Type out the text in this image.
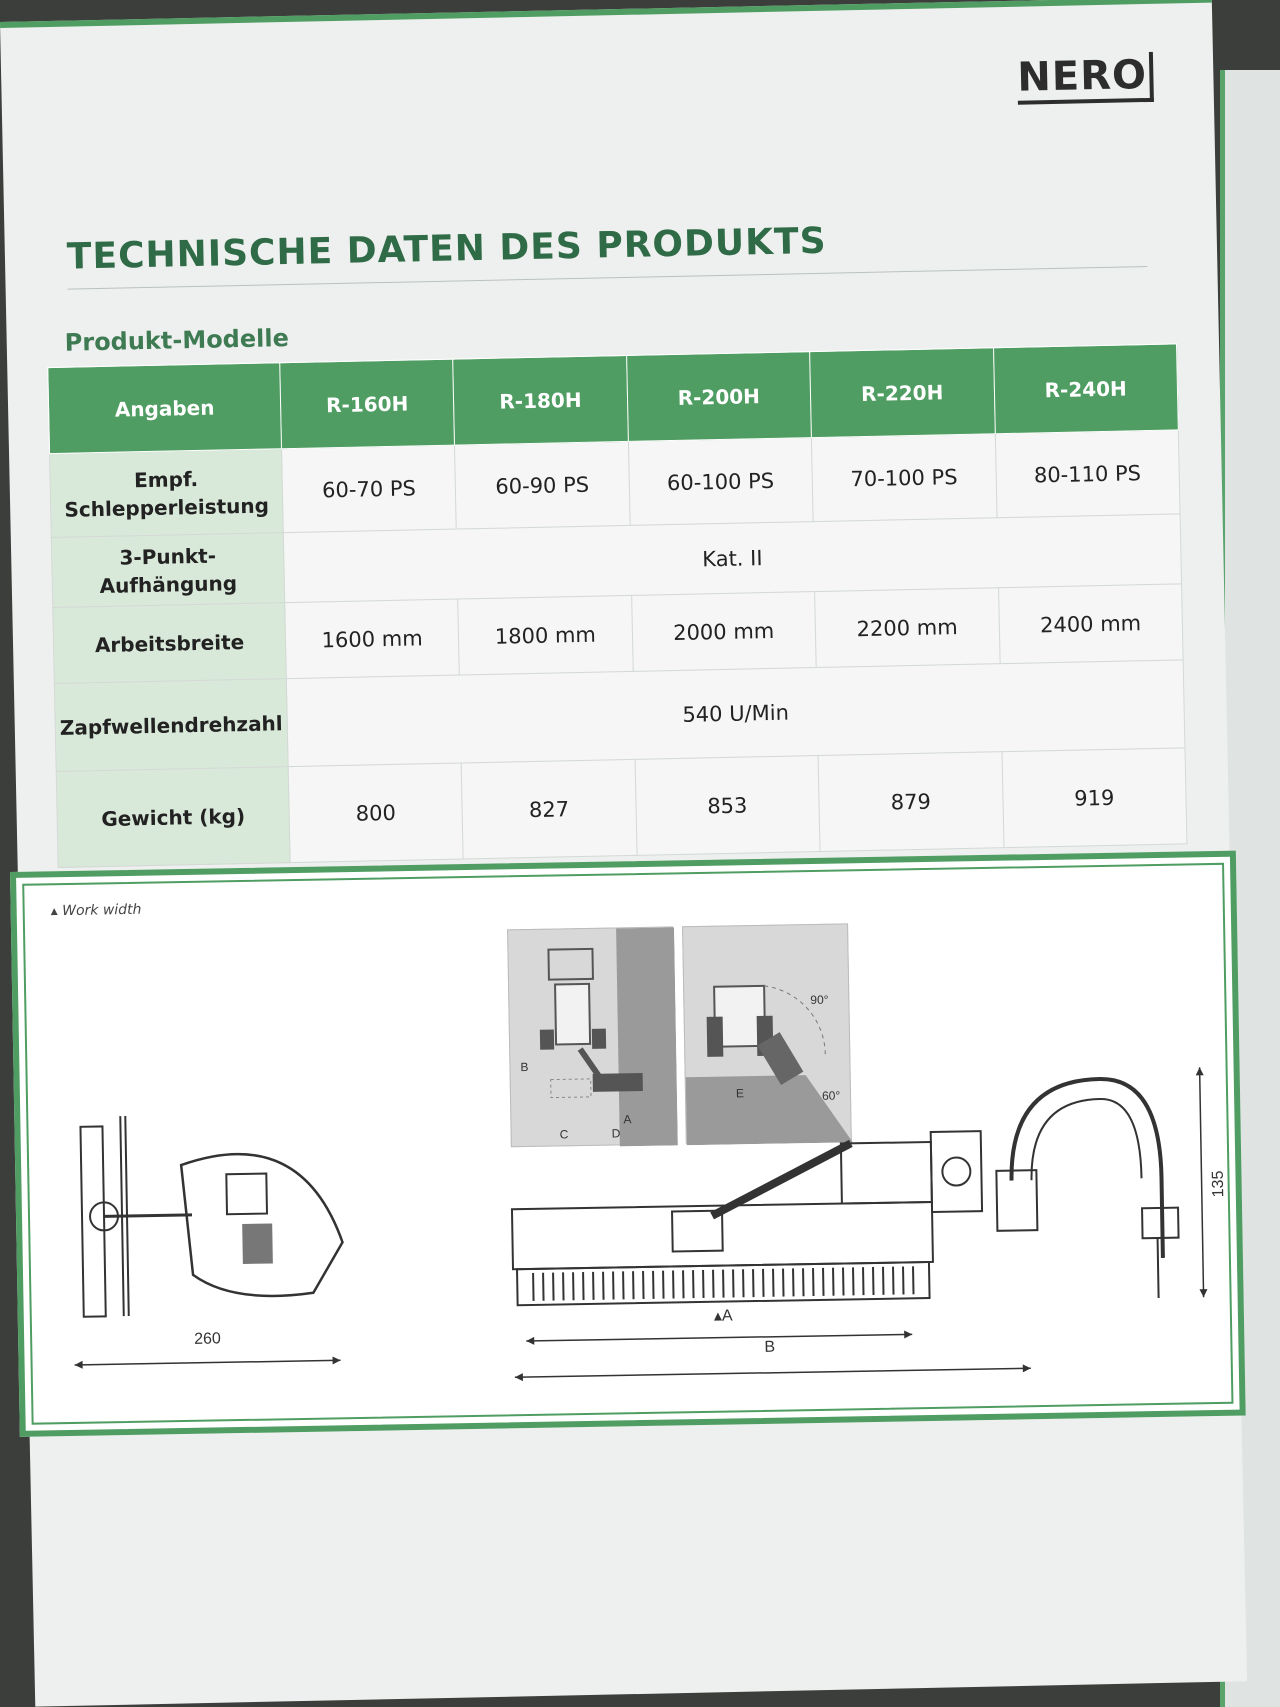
NERO
TECHNISCHE DATEN DES PRODUKTS
Produkt-Modelle
Angaben	R-160H	R-180H	R-200H	R-220H	R-240H
Empf. Schlepperleistung	60-70 PS	60-90 PS	60-100 PS	70-100 PS	80-110 PS
3-Punkt-Aufhängung	Kat. II				
Arbeitsbreite	1600 mm	1800 mm	2000 mm	2200 mm	2400 mm
Zapfwellendrehzahl	540 U/Min				
Gewicht (kg)	800	827	853	879	919
▴ Work width
B
C	D
A
90°
60°
E
260
▴A
B
135
